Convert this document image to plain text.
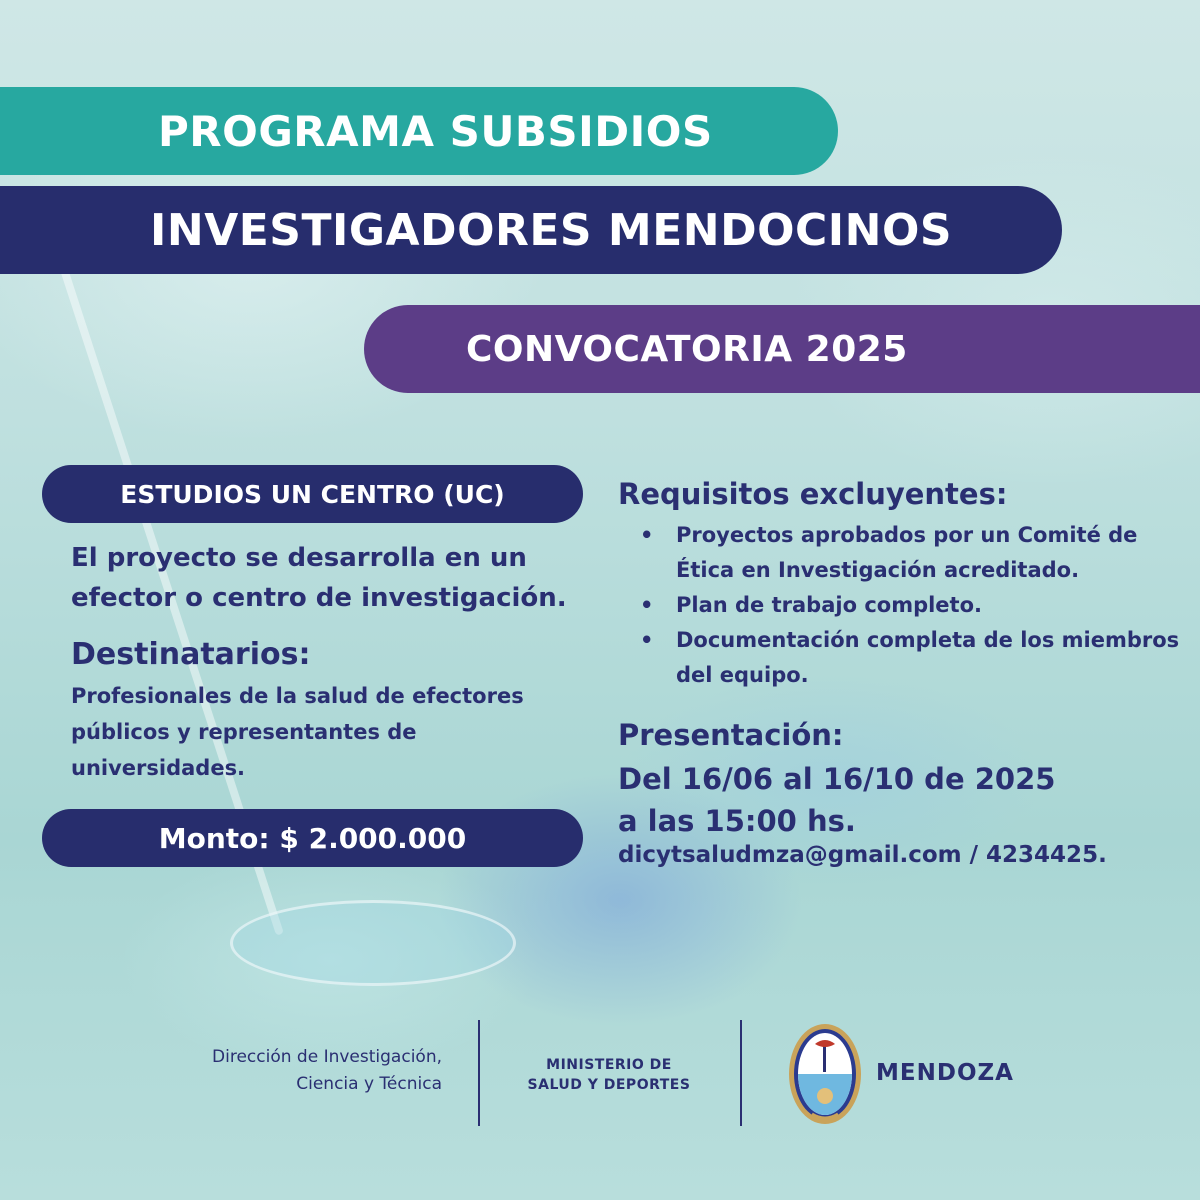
PROGRAMA SUBSIDIOS
INVESTIGADORES MENDOCINOS
CONVOCATORIA 2025
ESTUDIOS UN CENTRO (UC)
El proyecto se desarrolla en un efector o centro de investigación.
Destinatarios:
Profesionales de la salud de efectores públicos y representantes de universidades.
Monto: $ 2.000.000
Requisitos excluyentes:
• Proyectos aprobados por un Comité de Ética en Investigación acreditado.
• Plan de trabajo completo.
• Documentación completa de los miembros del equipo.
Presentación:
Del 16/06 al 16/10 de 2025
a las 15:00 hs.
dicytsaludmza@gmail.com / 4234425.
Dirección de Investigación,
Ciencia y Técnica
MINISTERIO DE
SALUD Y DEPORTES	MENDOZA
